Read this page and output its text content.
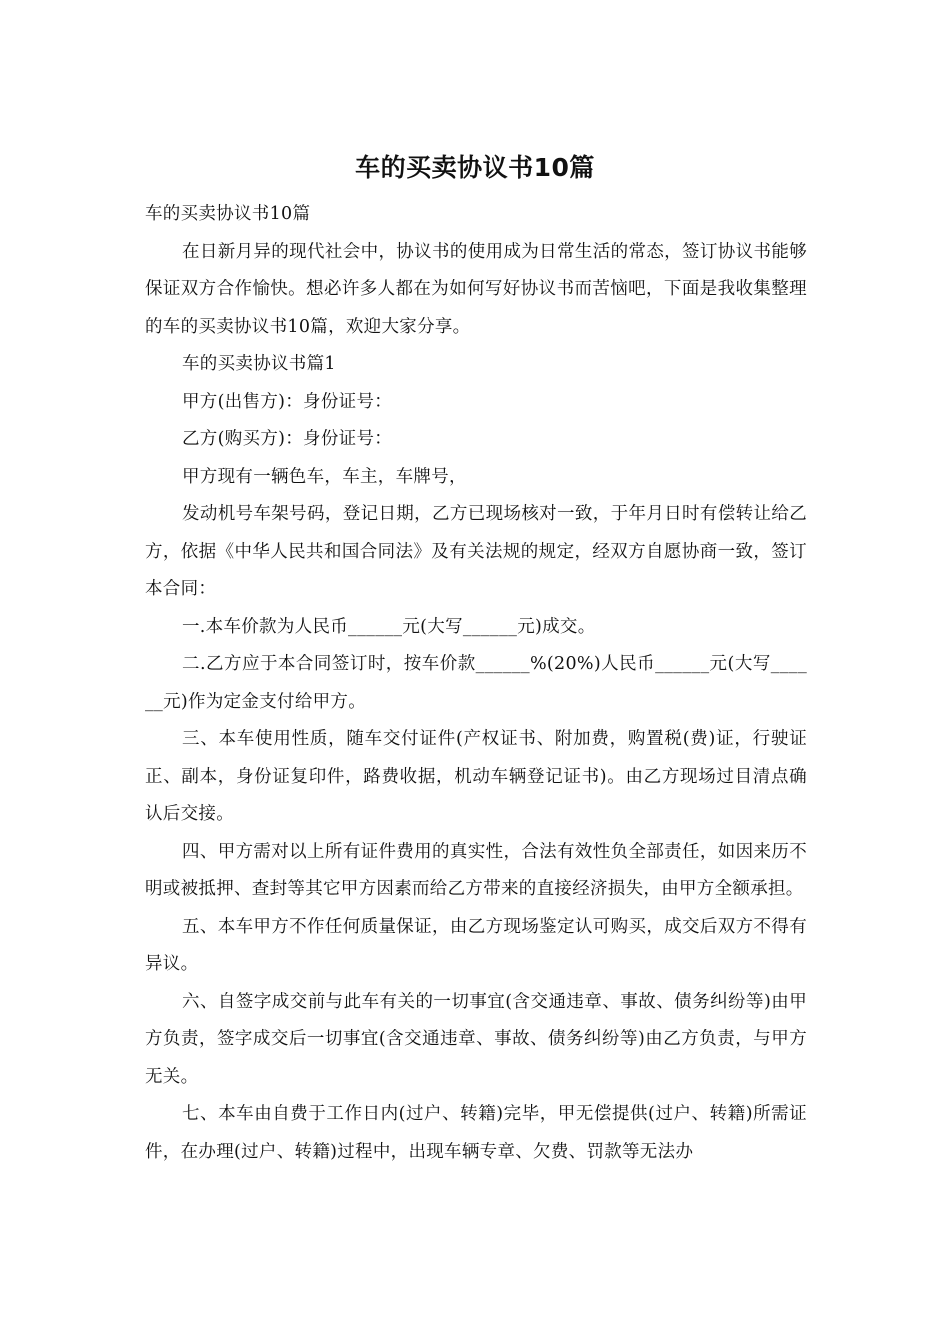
车的买卖协议书10篇

车的买卖协议书10篇

在日新月异的现代社会中，协议书的使用成为日常生活的常态，签订协议书能够保证双方合作愉快。想必许多人都在为如何写好协议书而苦恼吧，下面是我收集整理的车的买卖协议书10篇，欢迎大家分享。

车的买卖协议书篇1

甲方(出售方)：身份证号：

乙方(购买方)：身份证号：

甲方现有一辆色车，车主，车牌号，

发动机号车架号码，登记日期，乙方已现场核对一致，于年月日时有偿转让给乙方，依据《中华人民共和国合同法》及有关法规的规定，经双方自愿协商一致，签订本合同：

一.本车价款为人民币______元(大写______元)成交。

二.乙方应于本合同签订时，按车价款______%(20%)人民币______元(大写______元)作为定金支付给甲方。

三、本车使用性质，随车交付证件(产权证书、附加费，购置税(费)证，行驶证正、副本，身份证复印件，路费收据，机动车辆登记证书)。由乙方现场过目清点确认后交接。

四、甲方需对以上所有证件费用的真实性，合法有效性负全部责任，如因来历不明或被抵押、查封等其它甲方因素而给乙方带来的直接经济损失，由甲方全额承担。

五、本车甲方不作任何质量保证，由乙方现场鉴定认可购买，成交后双方不得有异议。

六、自签字成交前与此车有关的一切事宜(含交通违章、事故、债务纠纷等)由甲方负责，签字成交后一切事宜(含交通违章、事故、债务纠纷等)由乙方负责，与甲方无关。

七、本车由自费于工作日内(过户、转籍)完毕，甲无偿提供(过户、转籍)所需证件，在办理(过户、转籍)过程中，出现车辆专章、欠费、罚款等无法办
